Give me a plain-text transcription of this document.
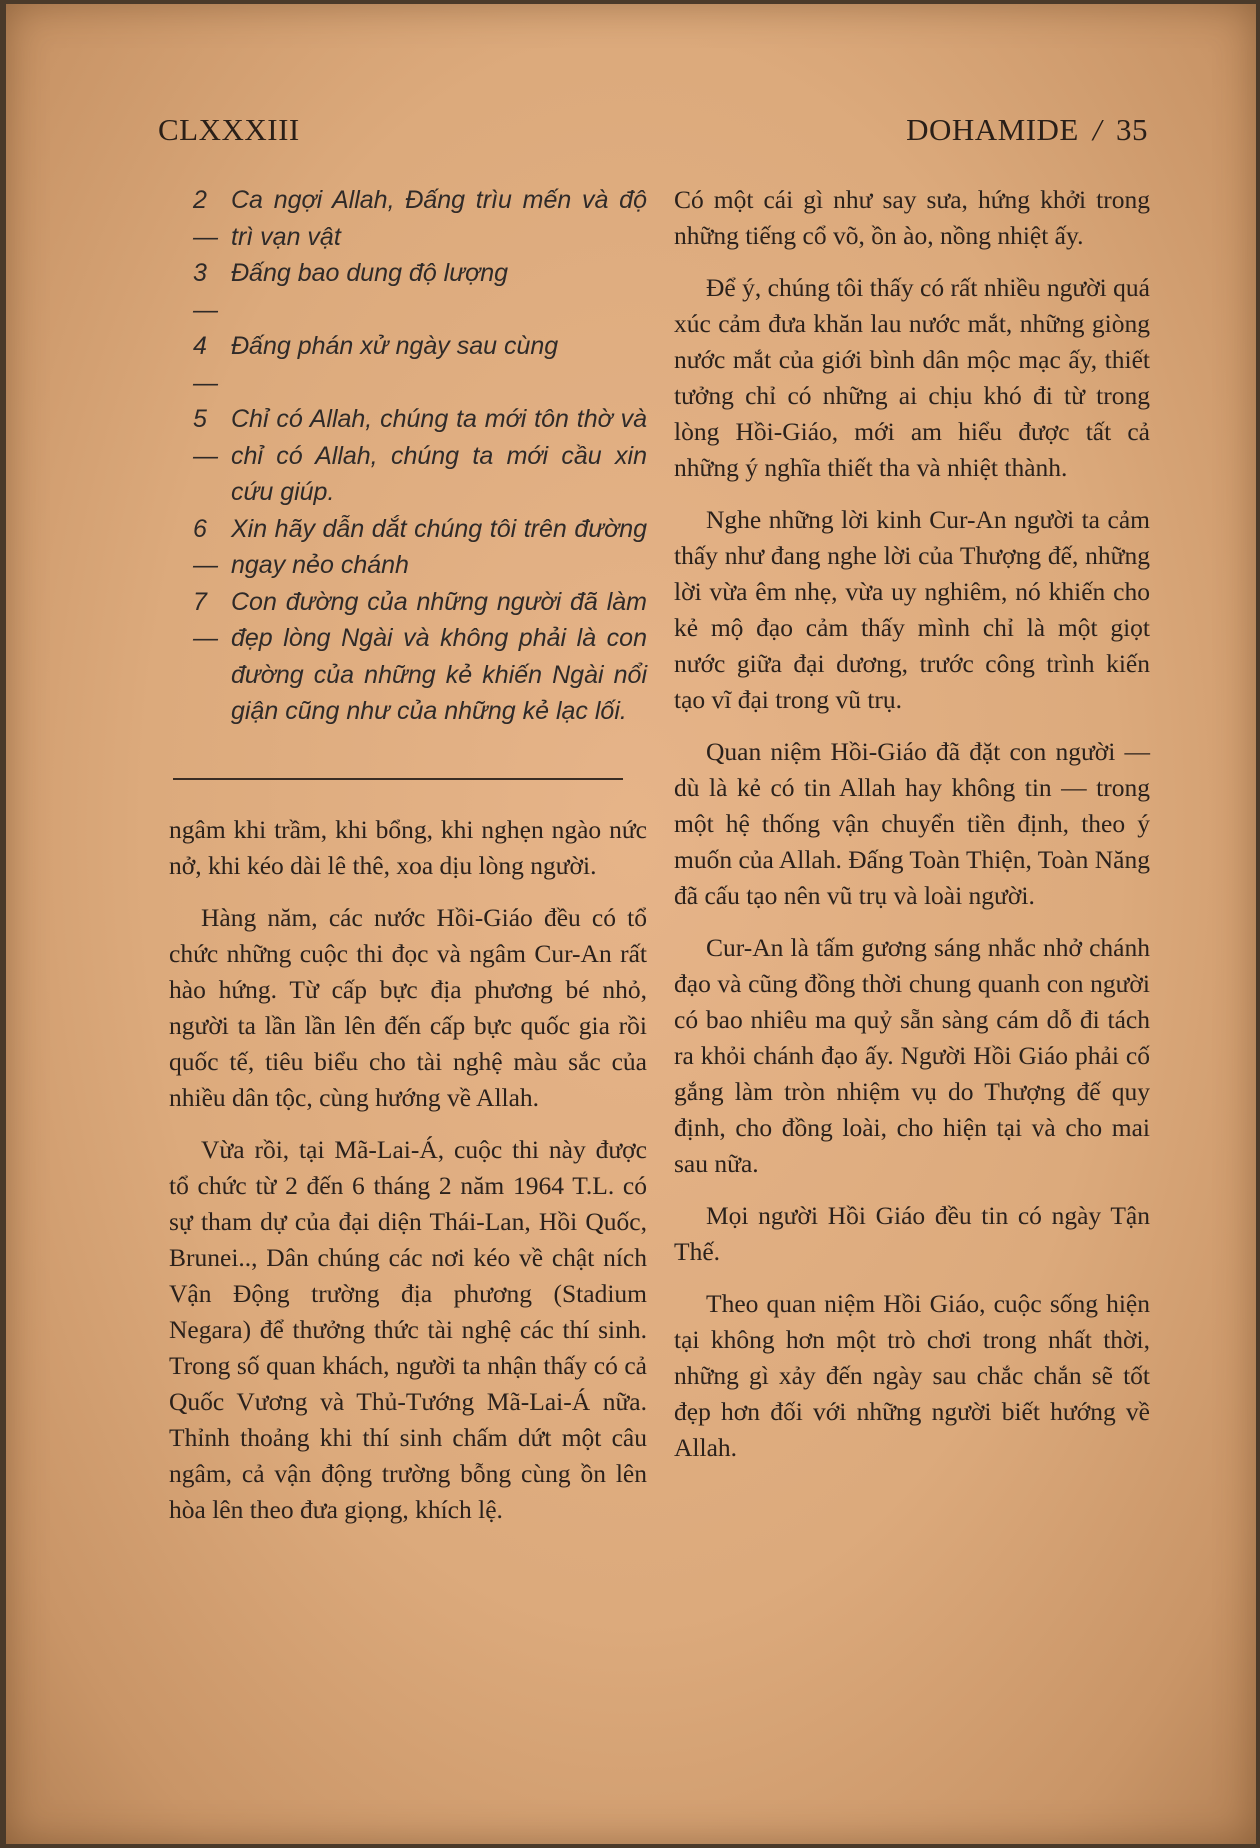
CLXXXIII	DOHAMIDE / 35
2—
Ca ngợi Allah, Đấng trìu mến và độ trì vạn vật
3—
Đấng bao dung độ lượng
4—
Đấng phán xử ngày sau cùng
5 —
Chỉ có Allah, chúng ta mới tôn thờ và chỉ có Allah, chúng ta mới cầu xin cứu giúp.
6 —
Xin hãy dẫn dắt chúng tôi trên đường ngay nẻo chánh
7 —
Con đường của những người đã làm đẹp lòng Ngài và không phải là con đường của những kẻ khiến Ngài nổi giận cũng như của những kẻ lạc lối.

ngâm khi trầm, khi bổng, khi nghẹn ngào nức nở, khi kéo dài lê thê, xoa dịu lòng người.

Hàng năm, các nước Hồi-Giáo đều có tổ chức những cuộc thi đọc và ngâm Cur-An rất hào hứng. Từ cấp bực địa phương bé nhỏ, người ta lần lần lên đến cấp bực quốc gia rồi quốc tế, tiêu biểu cho tài nghệ màu sắc của nhiều dân tộc, cùng hướng về Allah.

Vừa rồi, tại Mã-Lai-Á, cuộc thi này được tổ chức từ 2 đến 6 tháng 2 năm 1964 T.L. có sự tham dự của đại diện Thái-Lan, Hồi Quốc, Brunei.., Dân chúng các nơi kéo về chật ních Vận Động trường địa phương (Stadium Negara) để thưởng thức tài nghệ các thí sinh. Trong số quan khách, người ta nhận thấy có cả Quốc Vương và Thủ-Tướng Mã-Lai-Á nữa. Thỉnh thoảng khi thí sinh chấm dứt một câu ngâm, cả vận động trường bỗng cùng ồn lên hòa lên theo đưa giọng, khích lệ.

Có một cái gì như say sưa, hứng khởi trong những tiếng cổ võ, ồn ào, nồng nhiệt ấy.

Để ý, chúng tôi thấy có rất nhiều người quá xúc cảm đưa khăn lau nước mắt, những giòng nước mắt của giới bình dân mộc mạc ấy, thiết tưởng chỉ có những ai chịu khó đi từ trong lòng Hồi-Giáo, mới am hiểu được tất cả những ý nghĩa thiết tha và nhiệt thành.

Nghe những lời kinh Cur-An người ta cảm thấy như đang nghe lời của Thượng đế, những lời vừa êm nhẹ, vừa uy nghiêm, nó khiến cho kẻ mộ đạo cảm thấy mình chỉ là một giọt nước giữa đại dương, trước công trình kiến tạo vĩ đại trong vũ trụ.

Quan niệm Hồi-Giáo đã đặt con người — dù là kẻ có tin Allah hay không tin — trong một hệ thống vận chuyển tiền định, theo ý muốn của Allah. Đấng Toàn Thiện, Toàn Năng đã cấu tạo nên vũ trụ và loài người.

Cur-An là tấm gương sáng nhắc nhở chánh đạo và cũng đồng thời chung quanh con người có bao nhiêu ma quỷ sẵn sàng cám dỗ đi tách ra khỏi chánh đạo ấy. Người Hồi Giáo phải cố gắng làm tròn nhiệm vụ do Thượng đế quy định, cho đồng loài, cho hiện tại và cho mai sau nữa.

Mọi người Hồi Giáo đều tin có ngày Tận Thế.

Theo quan niệm Hồi Giáo, cuộc sống hiện tại không hơn một trò chơi trong nhất thời, những gì xảy đến ngày sau chắc chắn sẽ tốt đẹp hơn đối với những người biết hướng về Allah.
